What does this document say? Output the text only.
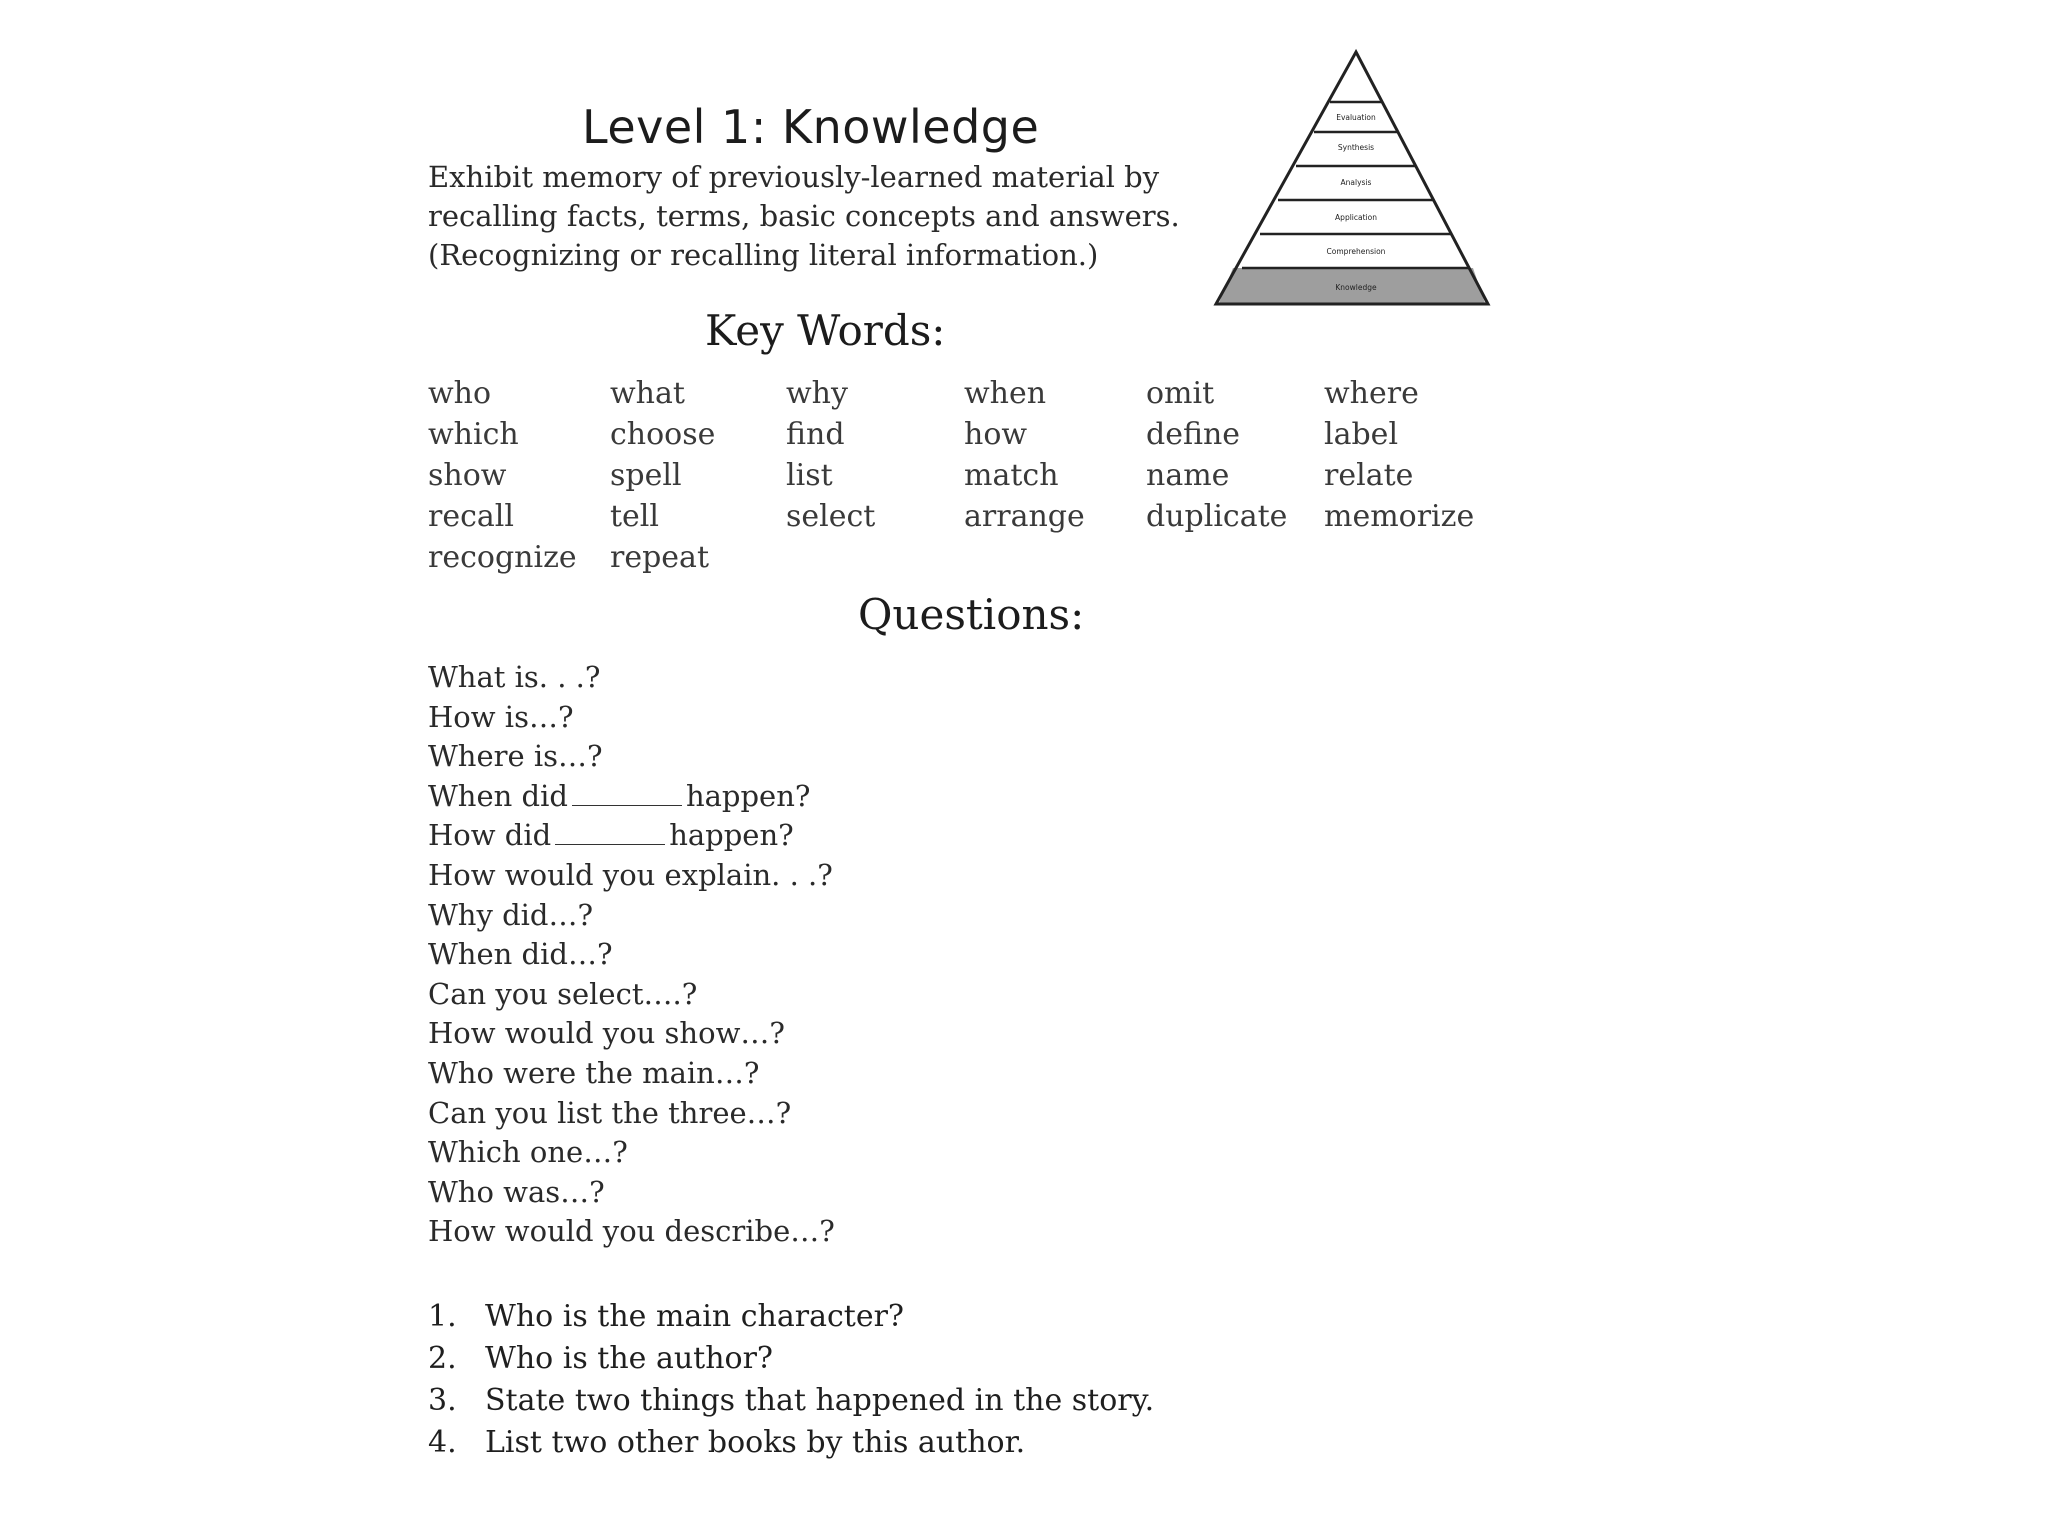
Level 1: Knowledge
Exhibit memory of previously-learned material by
recalling facts, terms, basic concepts and answers.
(Recognizing or recalling literal information.)
Evaluation
Synthesis
Analysis
Application
Comprehension
Knowledge
Key Words:
who	what	why	when	omit	where
which	choose	find	how	define	label
show	spell	list	match	name	relate
recall	tell	select	arrange	duplicate	memorize
recognize	repeat
Questions:
What is. . .?
How is…?
Where is…?
When did	happen?
How did	happen?
How would you explain. . .?
Why did…?
When did…?
Can you select….?
How would you show…?
Who were the main…?
Can you list the three…?
Which one…?
Who was…?
How would you describe…?
1. Who is the main character?
2. Who is the author?
3. State two things that happened in the story.
4. List two other books by this author.
